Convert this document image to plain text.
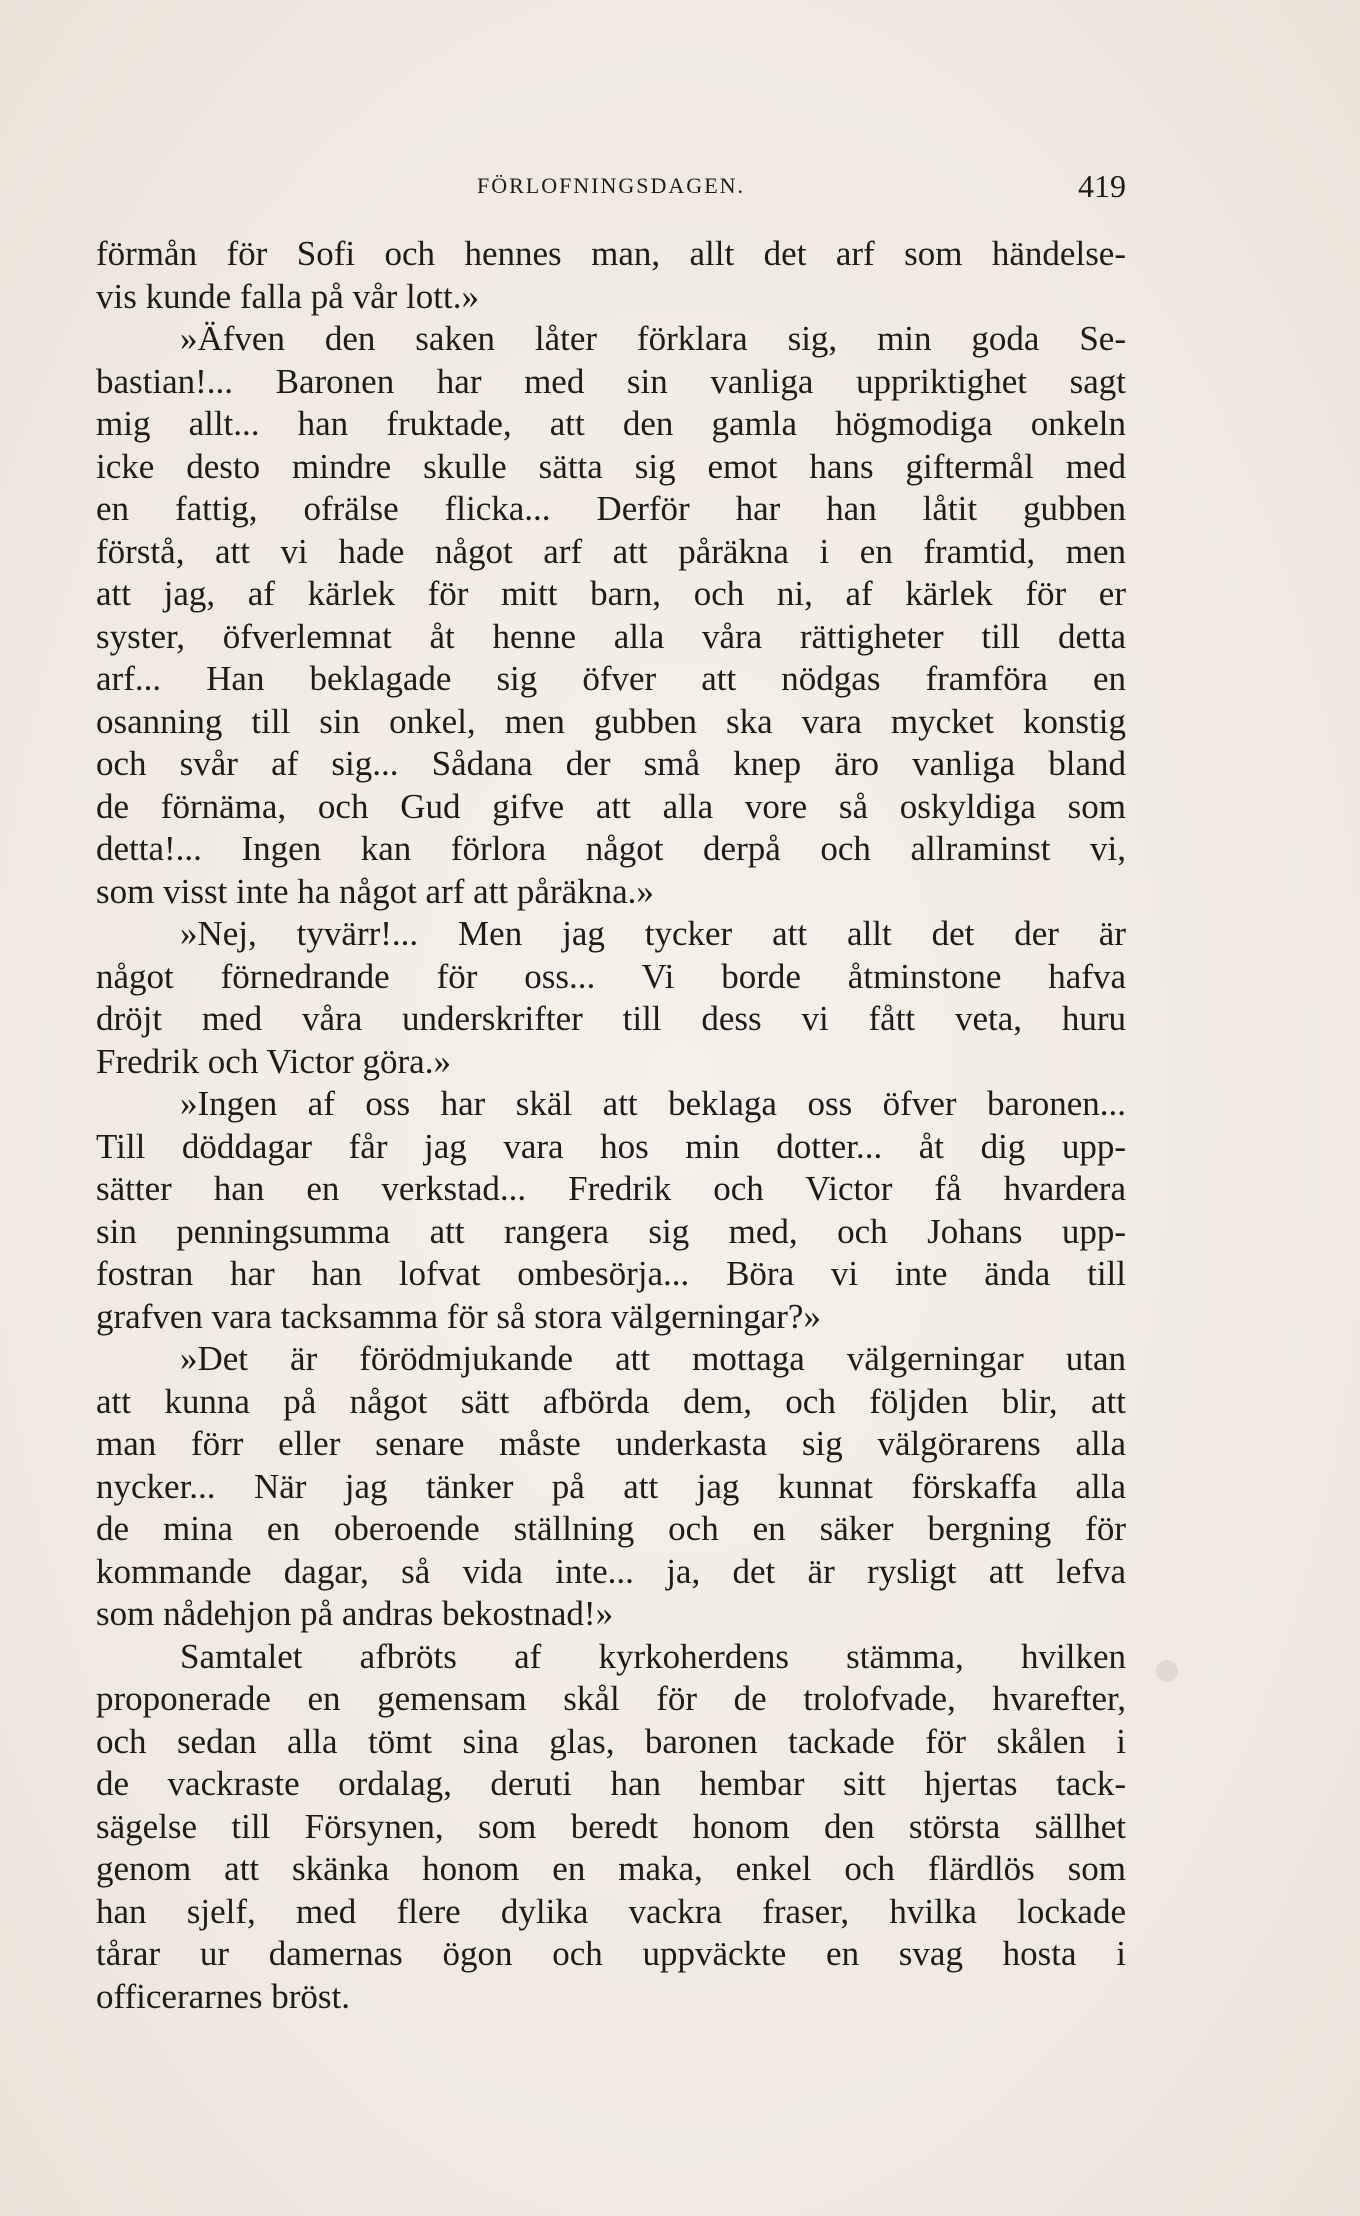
FÖRLOFNINGSDAGEN.	419
förmån för Sofi och hennes man, allt det arf som händelse-
vis kunde falla på vår lott.»
»Äfven den saken låter förklara sig, min goda Se-
bastian!... Baronen har med sin vanliga uppriktighet sagt
mig allt... han fruktade, att den gamla högmodiga onkeln
icke desto mindre skulle sätta sig emot hans giftermål med
en fattig, ofrälse flicka... Derför har han låtit gubben
förstå, att vi hade något arf att påräkna i en framtid, men
att jag, af kärlek för mitt barn, och ni, af kärlek för er
syster, öfverlemnat åt henne alla våra rättigheter till detta
arf... Han beklagade sig öfver att nödgas framföra en
osanning till sin onkel, men gubben ska vara mycket konstig
och svår af sig... Sådana der små knep äro vanliga bland
de förnäma, och Gud gifve att alla vore så oskyldiga som
detta!... Ingen kan förlora något derpå och allraminst vi,
som visst inte ha något arf att påräkna.»
»Nej, tyvärr!... Men jag tycker att allt det der är
något förnedrande för oss... Vi borde åtminstone hafva
dröjt med våra underskrifter till dess vi fått veta, huru
Fredrik och Victor göra.»
»Ingen af oss har skäl att beklaga oss öfver baronen...
Till döddagar får jag vara hos min dotter... åt dig upp-
sätter han en verkstad... Fredrik och Victor få hvardera
sin penningsumma att rangera sig med, och Johans upp-
fostran har han lofvat ombesörja... Böra vi inte ända till
grafven vara tacksamma för så stora välgerningar?»
»Det är förödmjukande att mottaga välgerningar utan
att kunna på något sätt afbörda dem, och följden blir, att
man förr eller senare måste underkasta sig välgörarens alla
nycker... När jag tänker på att jag kunnat förskaffa alla
de mina en oberoende ställning och en säker bergning för
kommande dagar, så vida inte... ja, det är rysligt att lefva
som nådehjon på andras bekostnad!»
Samtalet afbröts af kyrkoherdens stämma, hvilken
proponerade en gemensam skål för de trolofvade, hvarefter,
och sedan alla tömt sina glas, baronen tackade för skålen i
de vackraste ordalag, deruti han hembar sitt hjertas tack-
sägelse till Försynen, som beredt honom den största sällhet
genom att skänka honom en maka, enkel och flärdlös som
han sjelf, med flere dylika vackra fraser, hvilka lockade
tårar ur damernas ögon och uppväckte en svag hosta i
officerarnes bröst.
